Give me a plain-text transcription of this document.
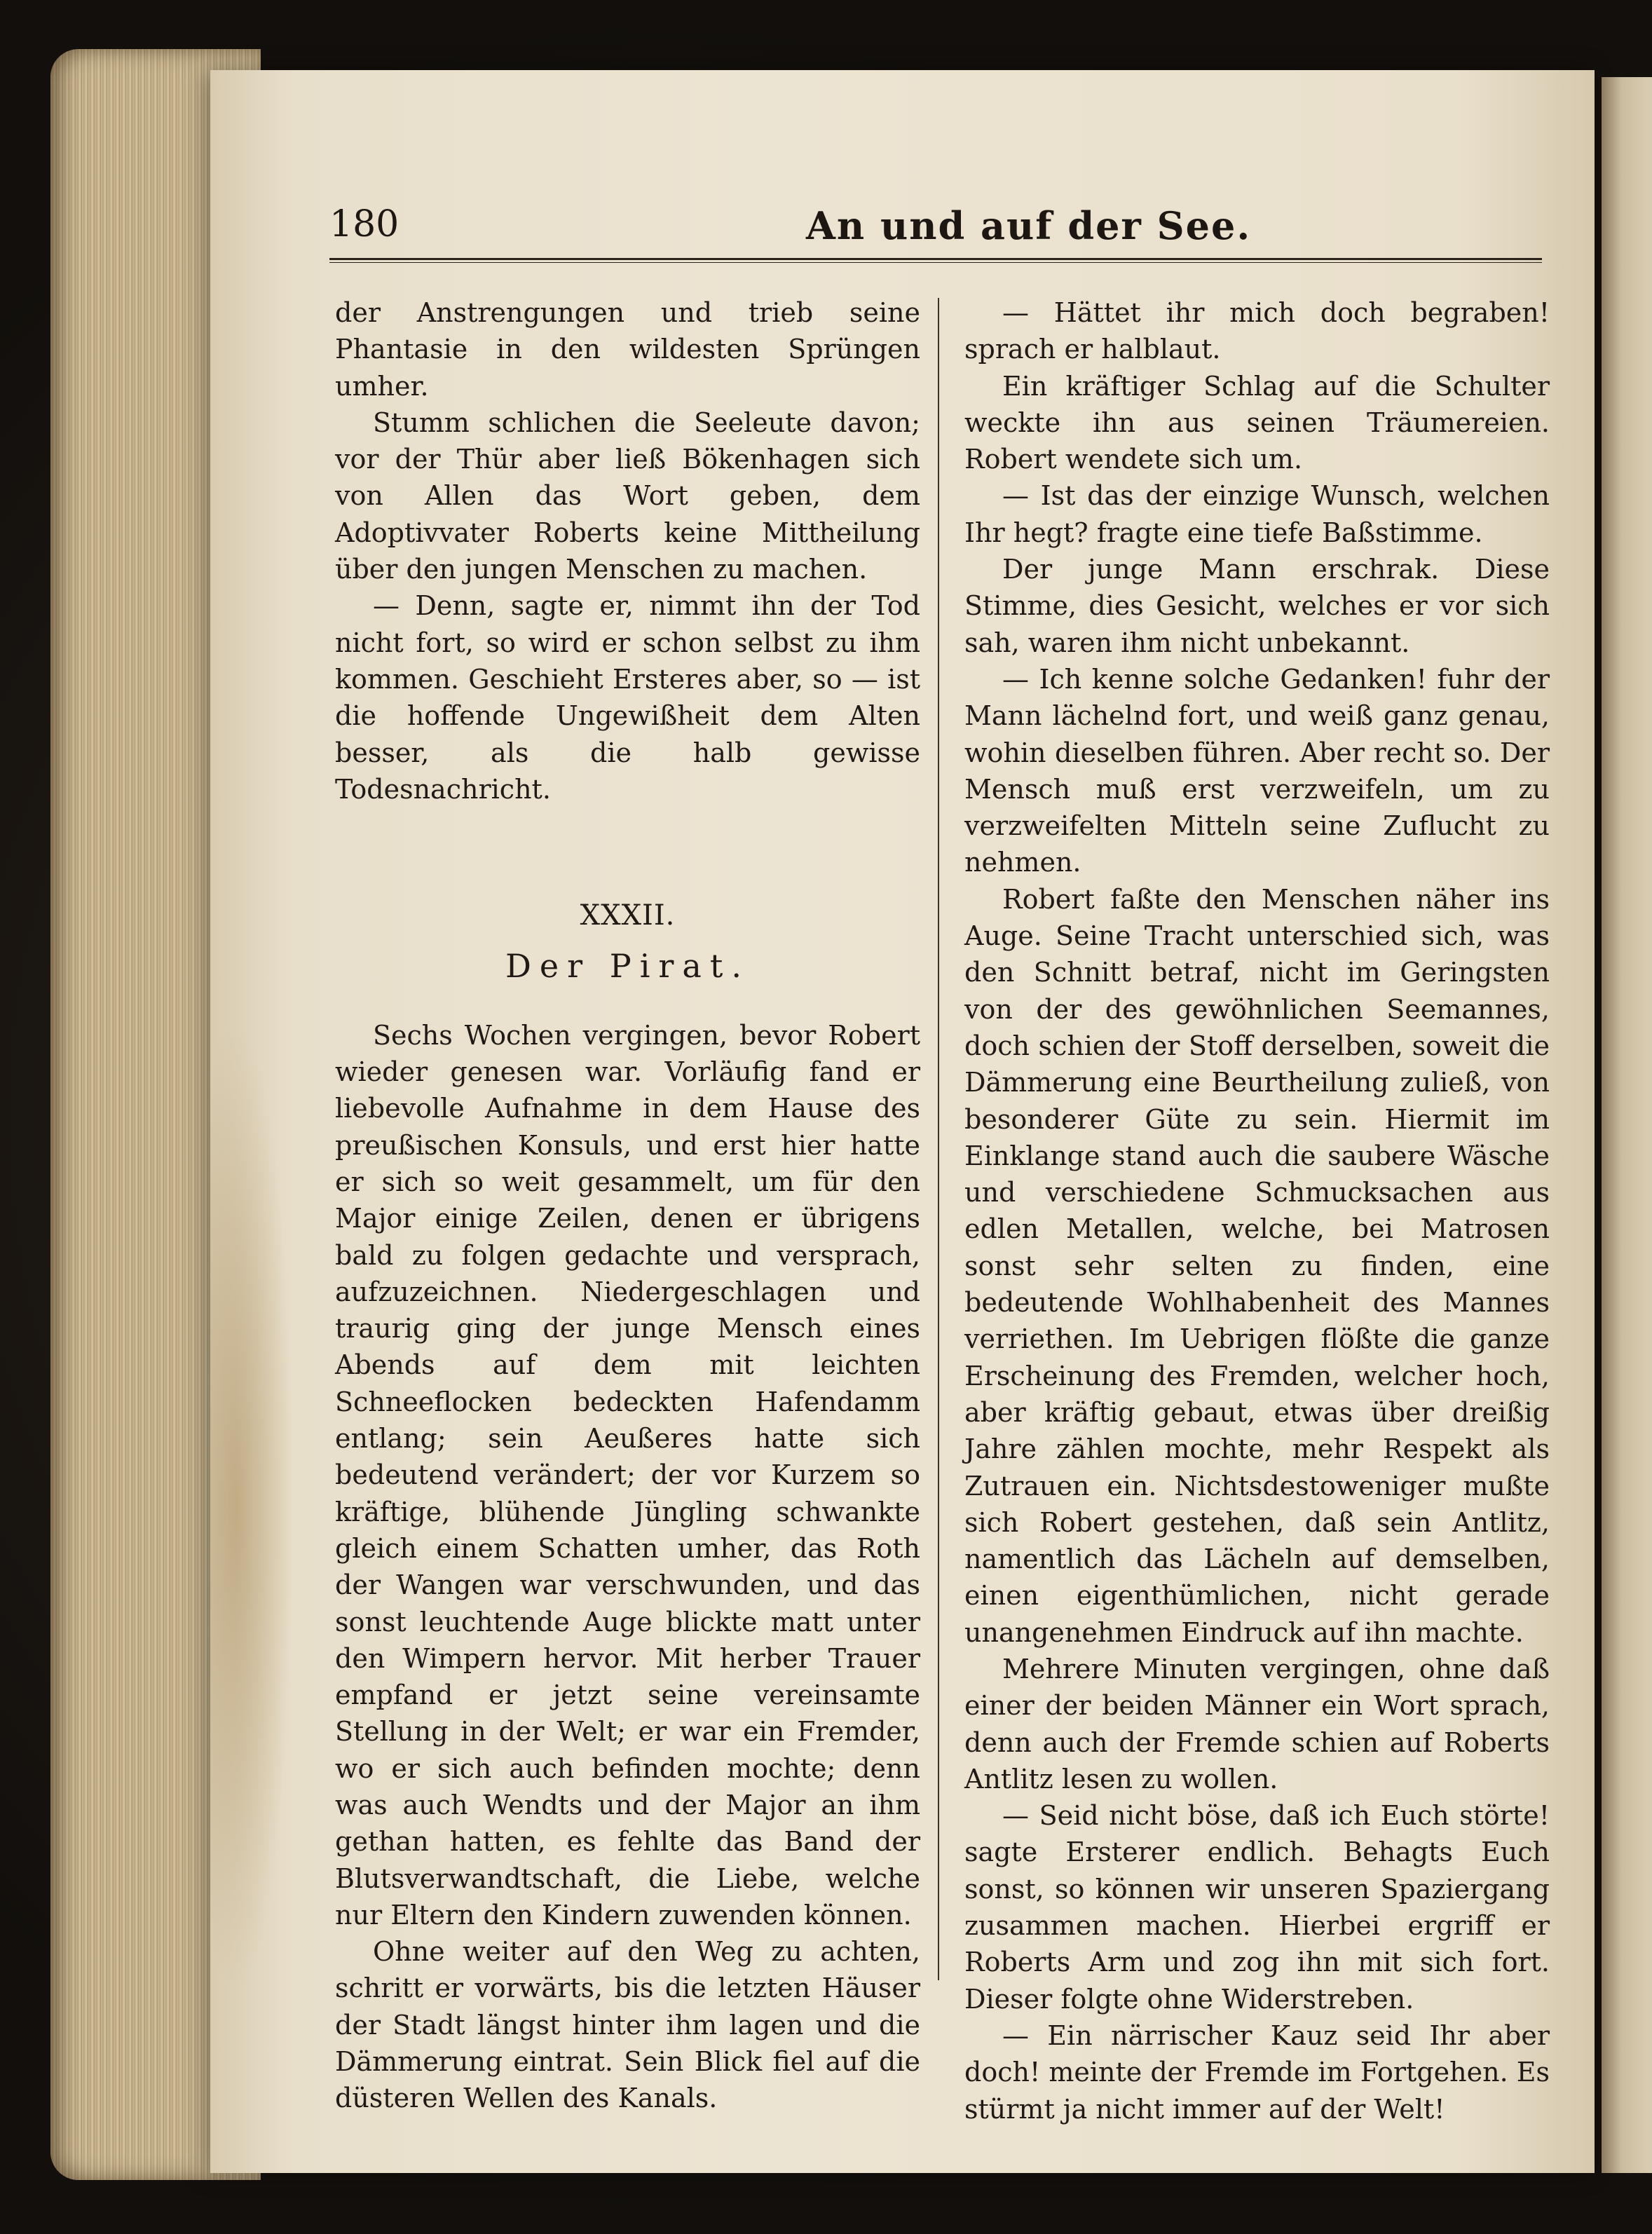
180	An und auf der See.

der Anstrengungen und trieb seine Phantasie in den wildesten Sprüngen umher.

Stumm schlichen die Seeleute davon; vor der Thür aber ließ Bökenhagen sich von Allen das Wort geben, dem Adoptivvater Roberts keine Mittheilung über den jungen Menschen zu machen.

— Denn, sagte er, nimmt ihn der Tod nicht fort, so wird er schon selbst zu ihm kommen. Geschieht Ersteres aber, so — ist die hoffende Ungewißheit dem Alten besser, als die halb gewisse Todesnachricht.

XXXII.
Der Pirat.

Sechs Wochen vergingen, bevor Robert wieder genesen war. Vorläufig fand er liebevolle Aufnahme in dem Hause des preußischen Konsuls, und erst hier hatte er sich so weit gesammelt, um für den Major einige Zeilen, denen er übrigens bald zu folgen gedachte und versprach, aufzuzeichnen. Niedergeschlagen und traurig ging der junge Mensch eines Abends auf dem mit leichten Schneeflocken bedeckten Hafendamm entlang; sein Aeußeres hatte sich bedeutend verändert; der vor Kurzem so kräftige, blühende Jüngling schwankte gleich einem Schatten umher, das Roth der Wangen war verschwunden, und das sonst leuchtende Auge blickte matt unter den Wimpern hervor. Mit herber Trauer empfand er jetzt seine vereinsamte Stellung in der Welt; er war ein Fremder, wo er sich auch befinden mochte; denn was auch Wendts und der Major an ihm gethan hatten, es fehlte das Band der Blutsverwandtschaft, die Liebe, welche nur Eltern den Kindern zuwenden können.

Ohne weiter auf den Weg zu achten, schritt er vorwärts, bis die letzten Häuser der Stadt längst hinter ihm lagen und die Dämmerung eintrat. Sein Blick fiel auf die düsteren Wellen des Kanals.

— Hättet ihr mich doch begraben! sprach er halblaut.

Ein kräftiger Schlag auf die Schulter weckte ihn aus seinen Träumereien. Robert wendete sich um.

— Ist das der einzige Wunsch, welchen Ihr hegt? fragte eine tiefe Baßstimme.

Der junge Mann erschrak. Diese Stimme, dies Gesicht, welches er vor sich sah, waren ihm nicht unbekannt.

— Ich kenne solche Gedanken! fuhr der Mann lächelnd fort, und weiß ganz genau, wohin dieselben führen. Aber recht so. Der Mensch muß erst verzweifeln, um zu verzweifelten Mitteln seine Zuflucht zu nehmen.

Robert faßte den Menschen näher ins Auge. Seine Tracht unterschied sich, was den Schnitt betraf, nicht im Geringsten von der des gewöhnlichen Seemannes, doch schien der Stoff derselben, soweit die Dämmerung eine Beurtheilung zuließ, von besonderer Güte zu sein. Hiermit im Einklange stand auch die saubere Wäsche und verschiedene Schmucksachen aus edlen Metallen, welche, bei Matrosen sonst sehr selten zu finden, eine bedeutende Wohlhabenheit des Mannes verriethen. Im Uebrigen flößte die ganze Erscheinung des Fremden, welcher hoch, aber kräftig gebaut, etwas über dreißig Jahre zählen mochte, mehr Respekt als Zutrauen ein. Nichtsdestoweniger mußte sich Robert gestehen, daß sein Antlitz, namentlich das Lächeln auf demselben, einen eigenthümlichen, nicht gerade unangenehmen Eindruck auf ihn machte.

Mehrere Minuten vergingen, ohne daß einer der beiden Männer ein Wort sprach, denn auch der Fremde schien auf Roberts Antlitz lesen zu wollen.

— Seid nicht böse, daß ich Euch störte! sagte Ersterer endlich. Behagts Euch sonst, so können wir unseren Spaziergang zusammen machen. Hierbei ergriff er Roberts Arm und zog ihn mit sich fort. Dieser folgte ohne Widerstreben.

— Ein närrischer Kauz seid Ihr aber doch! meinte der Fremde im Fortgehen. Es stürmt ja nicht immer auf der Welt!
